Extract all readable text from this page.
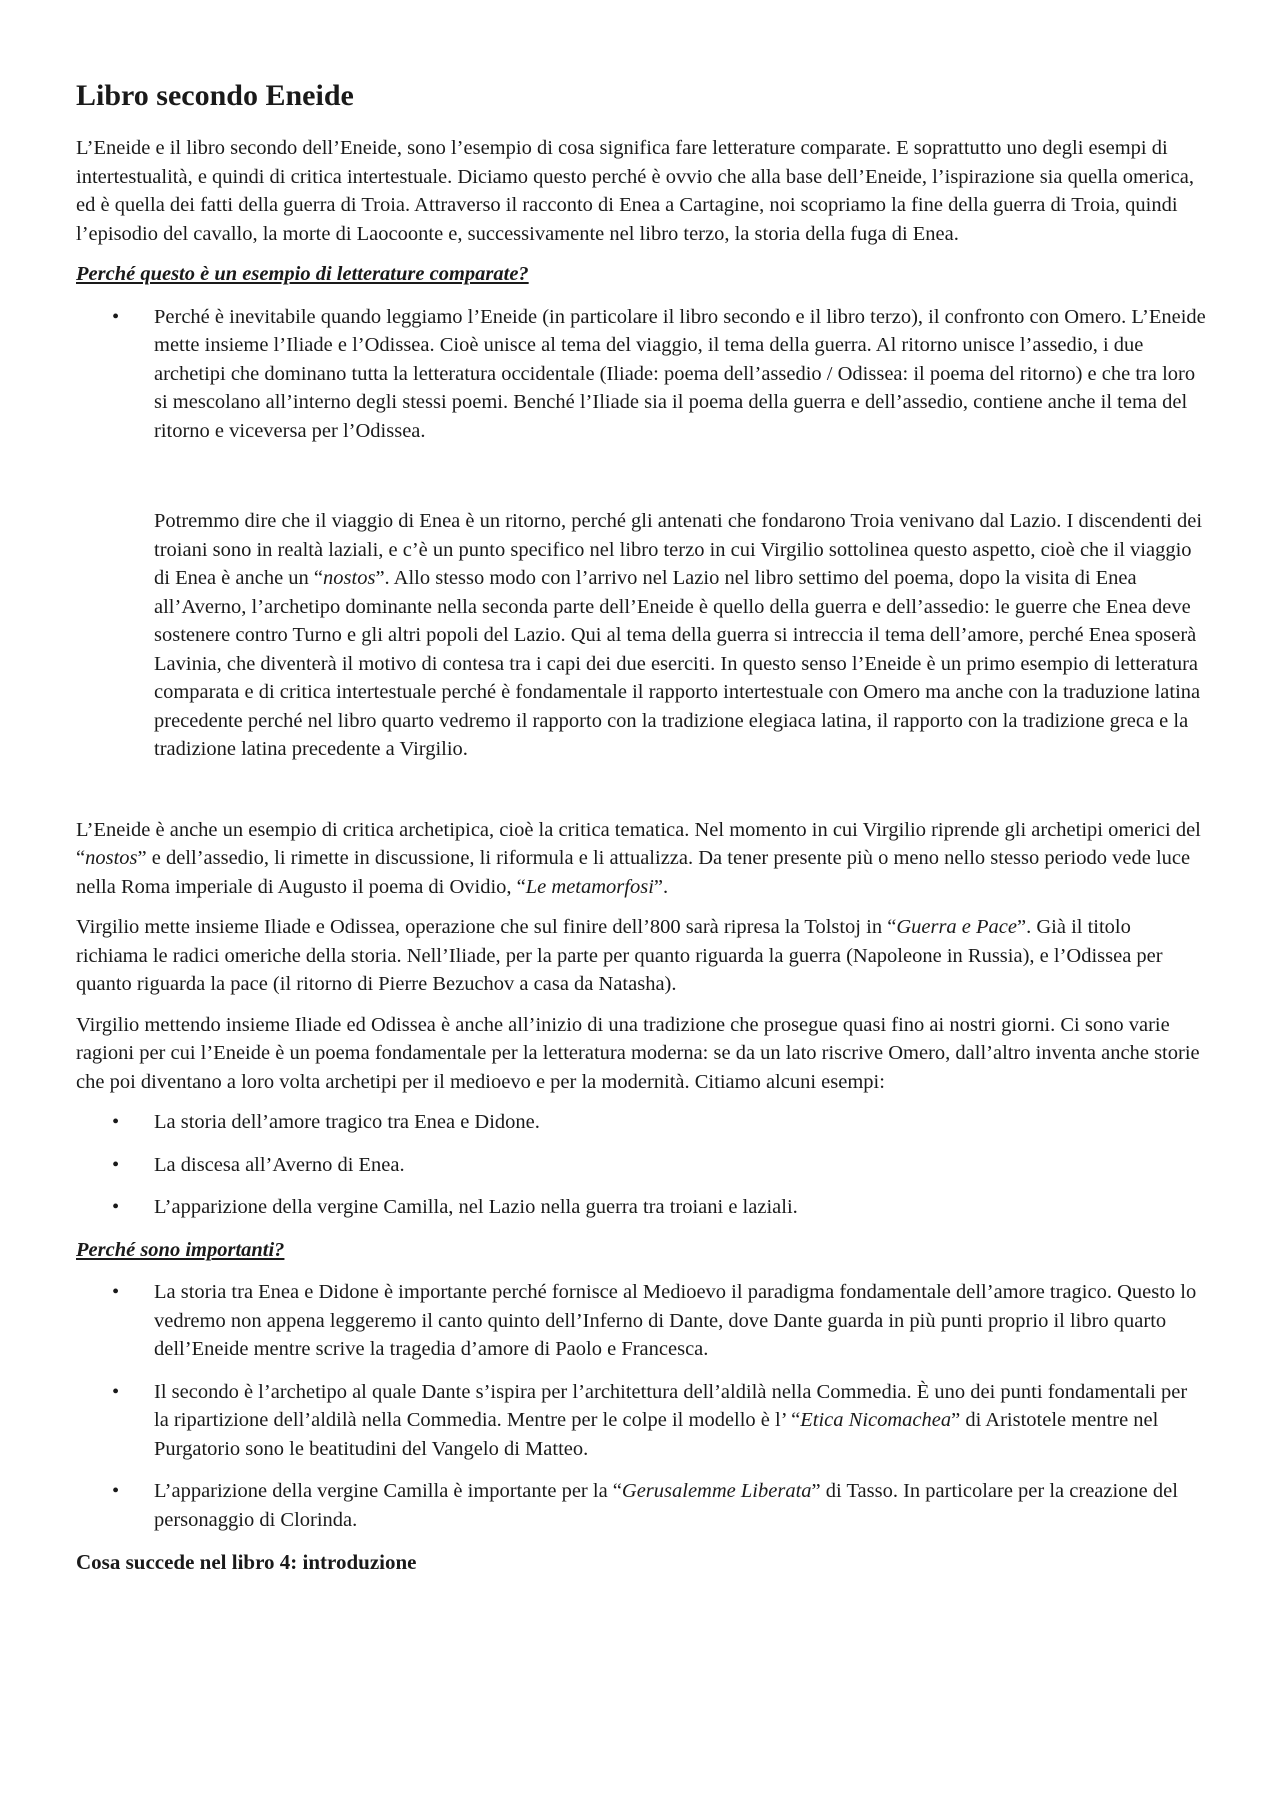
Libro secondo Eneide

L’Eneide e il libro secondo dell’Eneide, sono l’esempio di cosa significa fare letterature comparate. E soprattutto uno degli esempi di intertestualità, e quindi di critica intertestuale. Diciamo questo perché è ovvio che alla base dell’Eneide, l’ispirazione sia quella omerica, ed è quella dei fatti della guerra di Troia. Attraverso il racconto di Enea a Cartagine, noi scopriamo la fine della guerra di Troia, quindi l’episodio del cavallo, la morte di Laocoonte e, successivamente nel libro terzo, la storia della fuga di Enea.

Perché questo è un esempio di letterature comparate?

• Perché è inevitabile quando leggiamo l’Eneide (in particolare il libro secondo e il libro terzo), il confronto con Omero. L’Eneide mette insieme l’Iliade e l’Odissea. Cioè unisce al tema del viaggio, il tema della guerra. Al ritorno unisce l’assedio, i due archetipi che dominano tutta la letteratura occidentale (Iliade: poema dell’assedio / Odissea: il poema del ritorno) e che tra loro si mescolano all’interno degli stessi poemi. Benché l’Iliade sia il poema della guerra e dell’assedio, contiene anche il tema del ritorno e viceversa per l’Odissea.

Potremmo dire che il viaggio di Enea è un ritorno, perché gli antenati che fondarono Troia venivano dal Lazio. I discendenti dei troiani sono in realtà laziali, e c’è un punto specifico nel libro terzo in cui Virgilio sottolinea questo aspetto, cioè che il viaggio di Enea è anche un “nostos”. Allo stesso modo con l’arrivo nel Lazio nel libro settimo del poema, dopo la visita di Enea all’Averno, l’archetipo dominante nella seconda parte dell’Eneide è quello della guerra e dell’assedio: le guerre che Enea deve sostenere contro Turno e gli altri popoli del Lazio. Qui al tema della guerra si intreccia il tema dell’amore, perché Enea sposerà Lavinia, che diventerà il motivo di contesa tra i capi dei due eserciti. In questo senso l’Eneide è un primo esempio di letteratura comparata e di critica intertestuale perché è fondamentale il rapporto intertestuale con Omero ma anche con la traduzione latina precedente perché nel libro quarto vedremo il rapporto con la tradizione elegiaca latina, il rapporto con la tradizione greca e la tradizione latina precedente a Virgilio.

L’Eneide è anche un esempio di critica archetipica, cioè la critica tematica. Nel momento in cui Virgilio riprende gli archetipi omerici del “nostos” e dell’assedio, li rimette in discussione, li riformula e li attualizza. Da tener presente più o meno nello stesso periodo vede luce nella Roma imperiale di Augusto il poema di Ovidio, “Le metamorfosi”.

Virgilio mette insieme Iliade e Odissea, operazione che sul finire dell’800 sarà ripresa la Tolstoj in “Guerra e Pace”. Già il titolo richiama le radici omeriche della storia. Nell’Iliade, per la parte per quanto riguarda la guerra (Napoleone in Russia), e l’Odissea per quanto riguarda la pace (il ritorno di Pierre Bezuchov a casa da Natasha).

Virgilio mettendo insieme Iliade ed Odissea è anche all’inizio di una tradizione che prosegue quasi fino ai nostri giorni. Ci sono varie ragioni per cui l’Eneide è un poema fondamentale per la letteratura moderna: se da un lato riscrive Omero, dall’altro inventa anche storie che poi diventano a loro volta archetipi per il medioevo e per la modernità. Citiamo alcuni esempi:

• La storia dell’amore tragico tra Enea e Didone.
• La discesa all’Averno di Enea.
• L’apparizione della vergine Camilla, nel Lazio nella guerra tra troiani e laziali.

Perché sono importanti?

• La storia tra Enea e Didone è importante perché fornisce al Medioevo il paradigma fondamentale dell’amore tragico. Questo lo vedremo non appena leggeremo il canto quinto dell’Inferno di Dante, dove Dante guarda in più punti proprio il libro quarto dell’Eneide mentre scrive la tragedia d’amore di Paolo e Francesca.
• Il secondo è l’archetipo al quale Dante s’ispira per l’architettura dell’aldilà nella Commedia. È uno dei punti fondamentali per la ripartizione dell’aldilà nella Commedia. Mentre per le colpe il modello è l’ “Etica Nicomachea” di Aristotele mentre nel Purgatorio sono le beatitudini del Vangelo di Matteo.
• L’apparizione della vergine Camilla è importante per la “Gerusalemme Liberata” di Tasso. In particolare per la creazione del personaggio di Clorinda.

Cosa succede nel libro 4: introduzione
